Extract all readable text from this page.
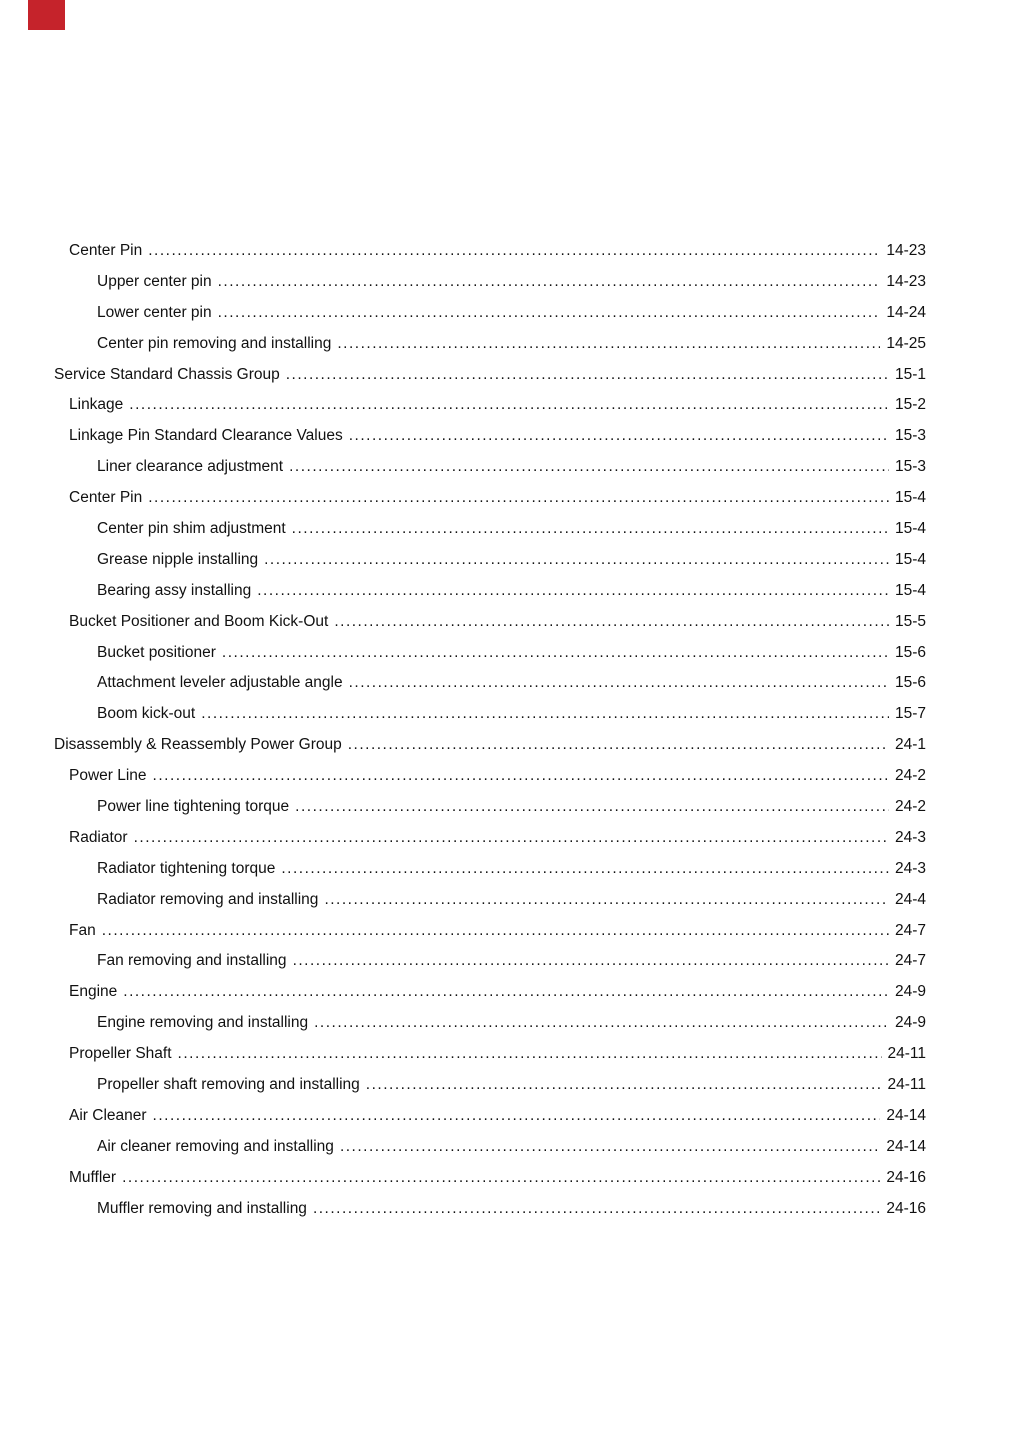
Center Pin .....	14-23
Upper center pin .....	14-23
Lower center pin .....	14-24
Center pin removing and installing .....	14-25
Service Standard Chassis Group .....	15-1
Linkage .....	15-2
Linkage Pin Standard Clearance Values .....	15-3
Liner clearance adjustment .....	15-3
Center Pin .....	15-4
Center pin shim adjustment .....	15-4
Grease nipple installing .....	15-4
Bearing assy installing .....	15-4
Bucket Positioner and Boom Kick-Out .....	15-5
Bucket positioner .....	15-6
Attachment leveler adjustable angle .....	15-6
Boom kick-out .....	15-7
Disassembly & Reassembly Power Group .....	24-1
Power Line .....	24-2
Power line tightening torque .....	24-2
Radiator .....	24-3
Radiator tightening torque .....	24-3
Radiator removing and installing .....	24-4
Fan .....	24-7
Fan removing and installing .....	24-7
Engine .....	24-9
Engine removing and installing .....	24-9
Propeller Shaft .....	24-11
Propeller shaft removing and installing .....	24-11
Air Cleaner .....	24-14
Air cleaner removing and installing .....	24-14
Muffler .....	24-16
Muffler removing and installing .....	24-16
